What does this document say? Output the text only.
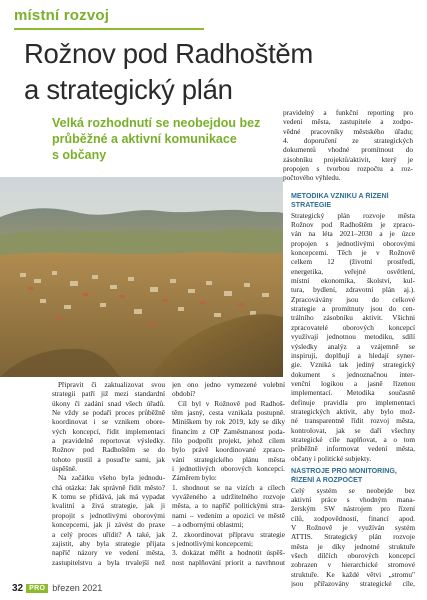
místní rozvoj
Rožnov pod Radhoštěm
a strategický plán
Velká rozhodnutí se neobejdou bez
průběžné a aktivní komunikace
s občany
pravidelný a funkční reporting pro
vedení města, zastupitele a zodpo-
vědné pracovníky městského úřadu;
4. doporučení ze strategických
dokumentů vhodné promítnout do
zásobníku projektů/aktivit, který je
propojen s tvorbou rozpočtu a roz-
počtového výhledu.
Připravit či zaktualizovat svou
strategii patří již mezi standardní
úkony či zadání snad všech úřadů.
Ne vždy se podaří proces průběžně
koordinovat i se vznikem obore-
vých koncepcí, řídit implementaci
a pravidelně reportovat výsledky.
Rožnov pod Radhoštěm se do
tohoto pustil a posuďte sami, jak
úspěšně.
Na začátku všeho byla jednodu-
chá otázka: Jak správně řídit město?
K tomu se přidává, jak má vypadat
kvalitní a živá strategie, jak ji
propojit s jednotlivými oborovými
koncepcemi, jak ji závést do praxe
a celý proces uřídit? A také, jak
zajistit, aby byla strategie přijata
napříč názory ve vedení města,
zastupitelstvu a byla trvalejší než
jen ono jedno vymezené volební
období?
Cíl byl v Rožnově pod Radhoš-
těm jasný, cesta vznikala postupně.
Miniškem by rok 2019, kdy se díky
financím z OP Zaměstnanost poda-
řilo podpořit projekt, jehož cílem
bylo právě koordinované zpraco-
vání strategického plánu města
i jednotlivých oborových koncepcí.
Záměrem bylo:
1. shodnout se na vizích a cílech
vyváženého a udržitelného rozvoje
města, a to napříč politickými stra-
nami – vedením a opozicí ve městě
– a odbornými oblastmi;
2. zkoordinovat přípravu strategie
s jednotlivými koncepcemi;
3. dokázat měřit a hodnotit úspěš-
nost naplňování priorit a navrhnout
METODIKA VZNIKU A ŘÍZENÍ
STRATEGIE
Strategický plán rozvoje města
Rožnov pod Radhoštěm je zpraco-
ván na léta 2021–2030 a je úzce
propojen s jednotlivými oborovými
koncepcemi. Těch je v Rožnově
celkem 12 (životní prostředí,
energetika, veřejné osvětlení,
místní ekonomika, školství, kul-
tura, bydlení, zdravotní plán aj.).
Zpracovávány jsou do celkové
strategie a promítnuty jsou do cen-
trálního zásobníku aktivit. Všichni
zpracovatelé oborových koncepcí
využívají jednotnou metodiku, sdílí
výsledky analýz a vzájemně se
inspirují, doplňují a hledají syner-
gie. Vzniká tak jediný strategický
dokument s jednoznačnou inter-
venční logikou a jasně řízenou
implementací. Metodika současně
definuje pravidla pro implementaci
strategických aktivit, aby bylo mož-
né transparentně řídit rozvoj města,
kontrolovat, jak se daří všechny
strategické cíle naplňovat, a o tom
průběžně informovat vedení města,
občany i politické subjekty.
NÁSTROJE PRO MONITORING,
ŘÍZENÍ A ROZPOČET
Celý systém se neobejde bez
aktivní práce s vhodným mana-
žerským SW nástrojem pro řízení
cílů, zodpovědností, financí apod.
V Rožnově je využíván systém
ATTIS. Strategický plán rozvoje
města je díky jednotné struktuře
všech dílčích oborových koncepcí
zobrazen v hierarchické stromové
struktuře. Ke každé větvi „stromu"
jsou přiřazovány strategické cíle,
32 PRO březen 2021
